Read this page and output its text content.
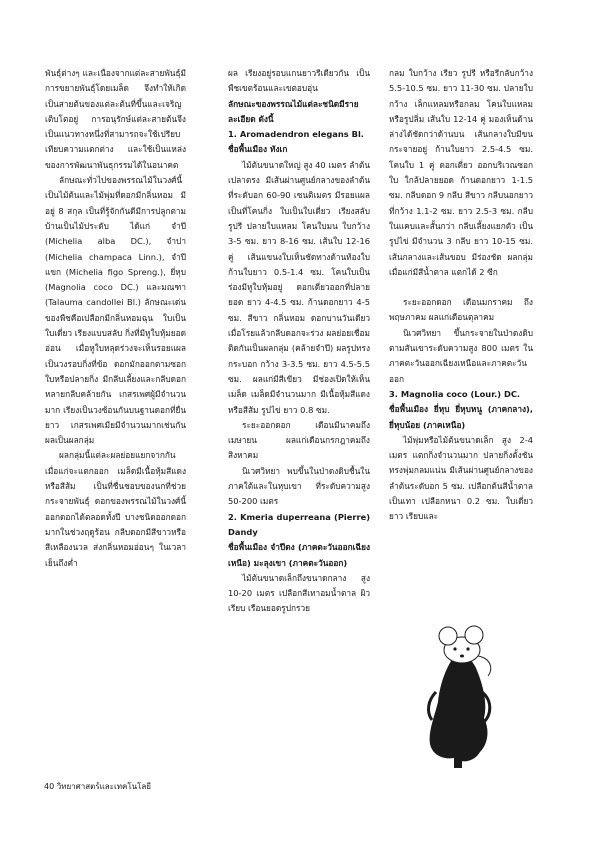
พันธุ์ต่างๆ และเนื่องจากแต่ละสายพันธุ์มีการขยายพันธุ์โดยเมล็ด จึงทำให้เกิดเป็นสายต้นของแต่ละต้นที่ขึ้นและเจริญเติบโตอยู่ การอนุรักษ์แต่ละสายต้นจึงเป็นแนวทางหนึ่งที่สามารถจะใช้เปรียบเทียบความแตกต่าง และใช้เป็นแหล่งของการพัฒนาพันธุกรรมได้ในอนาคต

ลักษณะทั่วไปของพรรณไม้ในวงศ์นี้ เป็นไม้ต้นและไม้พุ่มที่ดอกมีกลิ่นหอม มีอยู่ 8 สกุล เป็นที่รู้จักกันดีมีการปลูกตามบ้านเป็นไม้ประดับ ได้แก่ จำปี (Michelia alba DC.), จำปา (Michelia champaca Linn.), จำปีแขก (Michelia figo Spreng.), ยี่หุบ (Magnolia coco DC.) และมณฑา (Talauma candollei Bl.) ลักษณะเด่นของพืชคือเปลือกมีกลิ่นหอมฉุน ใบเป็นใบเดี่ยว เรียงแบบสลับ กิ่งที่มีหูใบหุ้มยอดอ่อน เมื่อหูใบหลุดร่วงจะเห็นรอยแผลเป็นวงรอบกิ่งที่ข้อ ดอกมักออกตามซอกใบหรือปลายกิ่ง มีกลีบเลี้ยงและกลีบดอกหลายกลีบคล้ายกัน เกสรเพศผู้มีจำนวนมาก เรียงเป็นวงซ้อนกันบนฐานดอกที่ยื่นยาว เกสรเพศเมียมีจำนวนมากเช่นกัน ผลเป็นผลกลุ่ม

ผลกลุ่มนี้แต่ละผลย่อยแยกจากกัน เมื่อแก่จะแตกออก เมล็ดมีเนื้อหุ้มสีแดงหรือสีส้ม เป็นที่ชื่นชอบของนกที่ช่วยกระจายพันธุ์ ดอกของพรรณไม้ในวงศ์นี้ออกดอกได้ตลอดทั้งปี บางชนิดออกดอกมากในช่วงฤดูร้อน กลีบดอกมีสีขาวหรือสีเหลืองนวล ส่งกลิ่นหอมอ่อนๆ ในเวลาเย็นถึงค่ำ

ผล เรียงอยู่รอบแกนยาวรีเดียวกัน เป็นพืชเขตร้อนและเขตอบอุ่น

ลักษณะของพรรณไม้แต่ละชนิดมีรายละเอียด ดังนี้

1. Aromadendron elegans Bl.

ชื่อพื้นเมือง ทังเก

ไม้ต้นขนาดใหญ่ สูง 40 เมตร ลำต้นเปลาตรง มีเส้นผ่านศูนย์กลางของลำต้นที่ระดับอก 60-90 เซนติเมตร มีรอยแผลเป็นที่โคนกิ่ง ใบเป็นใบเดี่ยว เรียงสลับ รูปรี ปลายใบแหลม โคนใบมน ใบกว้าง 3-5 ซม. ยาว 8-16 ซม. เส้นใบ 12-16 คู่ เส้นแขนงใบเห็นชัดทางด้านท้องใบ ก้านใบยาว 0.5-1.4 ซม. โคนใบเป็นร่องมีหูใบหุ้มอยู่ ดอกเดี่ยวออกที่ปลายยอด ยาว 4-4.5 ซม. ก้านดอกยาว 4-5 ซม. สีขาว กลิ่นหอม ดอกบานวันเดียว เมื่อโรยแล้วกลีบดอกจะร่วง ผลย่อยเชื่อมติดกันเป็นผลกลุ่ม (คล้ายจำปี) ผลรูปทรงกระบอก กว้าง 3-3.5 ซม. ยาว 4.5-5.5 ซม. ผลแก่มีสีเขียว มีช่องเปิดให้เห็นเมล็ด เมล็ดมีจำนวนมาก มีเนื้อหุ้มสีแดงหรือสีส้ม รูปไข่ ยาว 0.8 ซม.

ระยะออกดอก เดือนมีนาคมถึงเมษายน ผลแก่เดือนกรกฎาคมถึงสิงหาคม

นิเวศวิทยา พบขึ้นในป่าดงดิบชื้นในภาคใต้และในหุบเขา ที่ระดับความสูง 50-200 เมตร

2. Kmeria duperreana (Pierre) Dandy

ชื่อพื้นเมือง จำปีดง (ภาคตะวันออกเฉียงเหนือ) มะลุงเขา (ภาคตะวันออก)

ไม้ต้นขนาดเล็กถึงขนาดกลาง สูง 10-20 เมตร เปลือกสีเทาอมน้ำตาล ผิวเรียบ เรือนยอดรูปกรวย

กลม ใบกว้าง เรียว รูปรี หรือรีกลับกว้าง 5.5-10.5 ซม. ยาว 11-30 ซม. ปลายใบกว้าง เล็กแหลมหรือกลม โคนใบแหลม หรือรูปลิ่ม เส้นใบ 12-14 คู่ มองเห็นด้านล่างได้ชัดกว่าด้านบน เส้นกลางใบมีขนกระจายอยู่ ก้านใบยาว 2.5-4.5 ซม. โคนใบ 1 คู่ ดอกเดี่ยว ออกบริเวณซอกใบ ใกล้ปลายยอด ก้านดอกยาว 1-1.5 ซม. กลีบดอก 9 กลีบ สีขาว กลีบนอกยาวที่กว้าง 1.1-2 ซม. ยาว 2.5-3 ซม. กลีบในแคบและสั้นกว่า กลีบเลี้ยงแยกตัว เป็นรูปไข่ มีจำนวน 3 กลีบ ยาว 10-15 ซม. เส้นกลางและเส้นขอบ มีร่องชัด ผลกลุ่ม เมื่อแก่มีสีน้ำตาล แตกได้ 2 ซีก

ระยะออกดอก เดือนมกราคม ถึงพฤษภาคม ผลแก่เดือนตุลาคม

นิเวศวิทยา ขึ้นกระจายในป่าดงดิบ ตามสันเขาระดับความสูง 800 เมตร ในภาคตะวันออกเฉียงเหนือและภาคตะวันออก

3. Magnolia coco (Lour.) DC.

ชื่อพื้นเมือง ยี่หุบ ยี่หุบหนู (ภาคกลาง), ยี่หุบน้อย (ภาคเหนือ)

ไม้พุ่มหรือไม้ต้นขนาดเล็ก สูง 2-4 เมตร แตกกิ่งจำนวนมาก ปลายกิ่งตั้งชัน ทรงพุ่มกลมแน่น มีเส้นผ่านศูนย์กลางของลำต้นระดับอก 5 ซม. เปลือกต้นสีน้ำตาลเป็นเทา เปลือกหนา 0.2 ซม. ใบเดี่ยว ยาว เรียบและ

40 วิทยาศาสตร์และเทคโนโลยี
